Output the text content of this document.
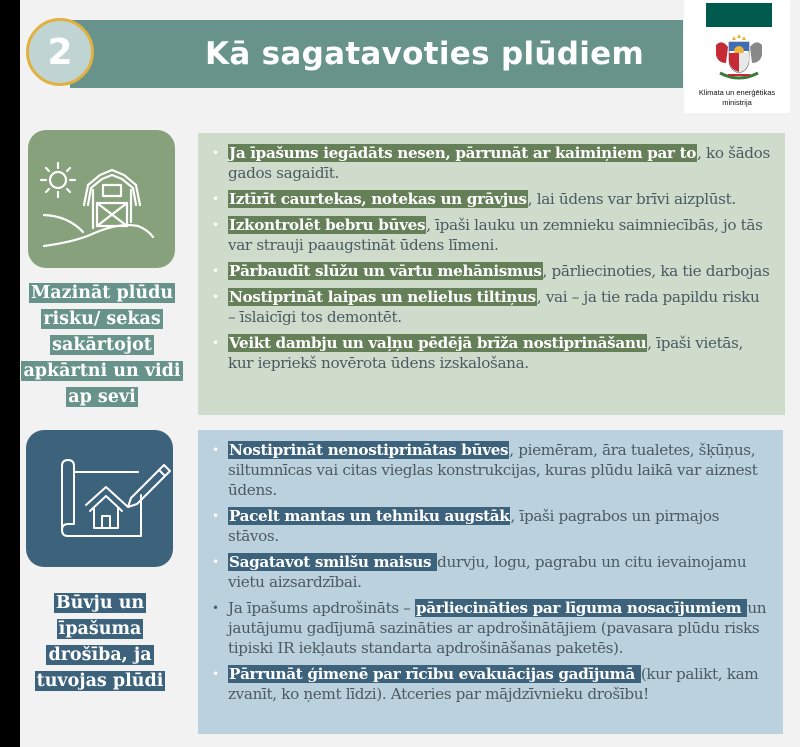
2	Kā sagatavoties plūdiem
Klimata un enerģētikas
ministrija
Mazināt plūdu
risku/ sekas
sakārtojot
apkārtni un vidi
ap sevi
• Ja īpašums iegādāts nesen, pārrunāt ar kaimiņiem par to, ko šādos gados sagaidīt.
• Iztīrīt caurtekas, notekas un grāvjus, lai ūdens var brīvi aizplūst.
• Izkontrolēt bebru būves, īpaši lauku un zemnieku saimniecībās, jo tās var strauji paaugstināt ūdens līmeni.
• Pārbaudīt slūžu un vārtu mehānismus, pārliecinoties, ka tie darbojas
• Nostiprināt laipas un nelielus tiltiņus, vai – ja tie rada papildu risku – īslaicīgi tos demontēt.
• Veikt dambju un vaļņu pēdējā brīža nostiprināšanu, īpaši vietās, kur iepriekš novērota ūdens izskalošana.
Būvju un
īpašuma
drošība, ja
tuvojas plūdi
• Nostiprināt nenostiprinātas būves, piemēram, āra tualetes, šķūņus, siltumnīcas vai citas vieglas konstrukcijas, kuras plūdu laikā var aiznest ūdens.
• Pacelt mantas un tehniku augstāk, īpaši pagrabos un pirmajos stāvos.
• Sagatavot smilšu maisus durvju, logu, pagrabu un citu ievainojamu vietu aizsardzībai.
• Ja īpašums apdrošināts – pārliecināties par līguma nosacījumiem un jautājumu gadījumā sazināties ar apdrošinātājiem (pavasara plūdu risks tipiski IR iekļauts standarta apdrošināšanas paketēs).
• Pārrunāt ģimenē par rīcību evakuācijas gadījumā (kur palikt, kam zvanīt, ko ņemt līdzi). Atceries par mājdzīvnieku drošību!
